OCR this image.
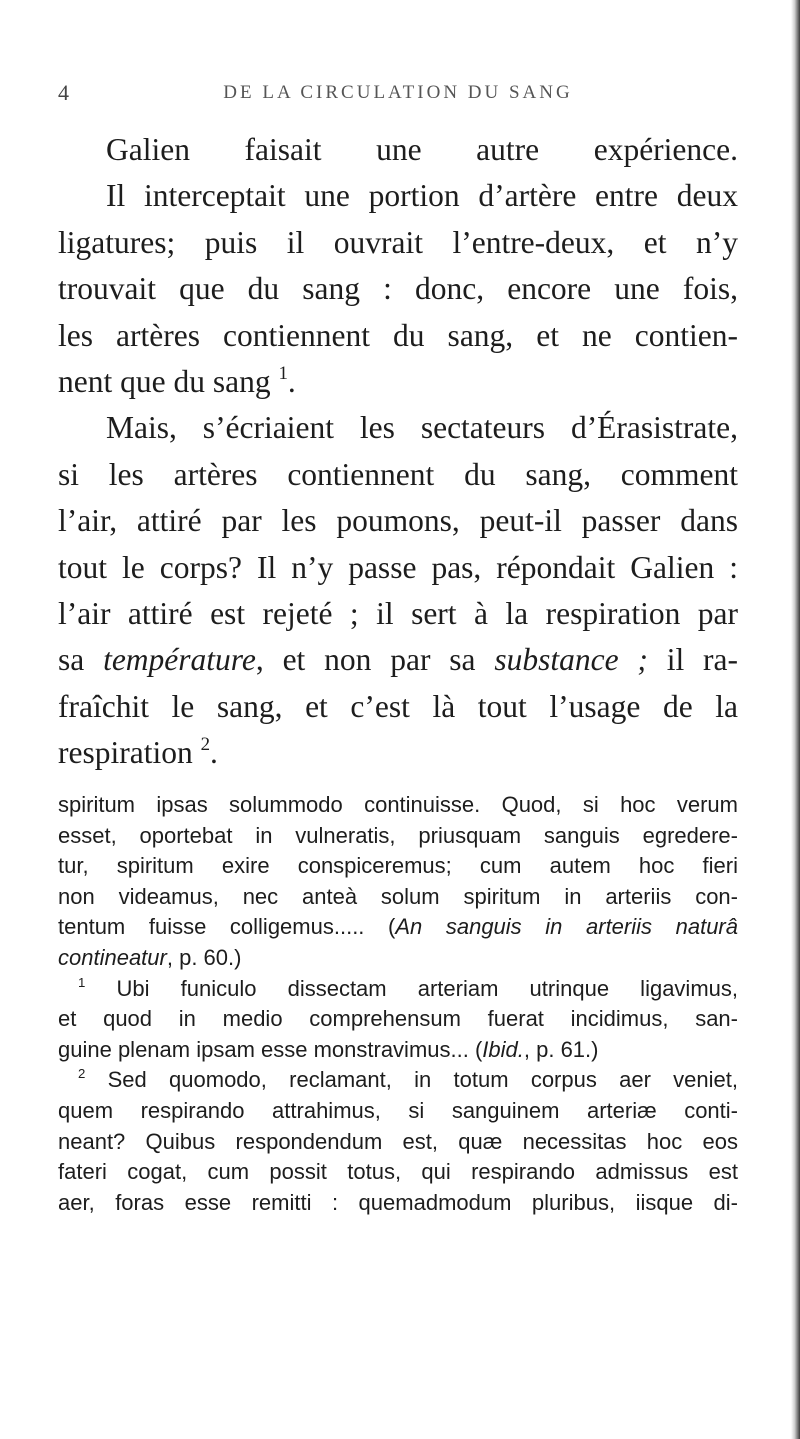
4	DE LA CIRCULATION DU SANG
Galien faisait une autre expérience.
Il interceptait une portion d’artère entre deux
ligatures; puis il ouvrait l’entre-deux, et n’y
trouvait que du sang : donc, encore une fois,
les artères contiennent du sang, et ne contien-
nent que du sang $^1$.
Mais, s’écriaient les sectateurs d’Érasistrate,
si les artères contiennent du sang, comment
l’air, attiré par les poumons, peut-il passer dans
tout le corps? Il n’y passe pas, répondait Galien :
l’air attiré est rejeté ; il sert à la respiration par
sa température, et non par sa substance ; il ra-
fraîchit le sang, et c’est là tout l’usage de la
respiration $^2$.
spiritum ipsas solummodo continuisse. Quod, si hoc verum
esset, oportebat in vulneratis, priusquam sanguis egredere-
tur, spiritum exire conspiceremus; cum autem hoc fieri
non videamus, nec anteà solum spiritum in arteriis con-
tentum fuisse colligemus..... (An sanguis in arteriis naturâ
contineatur, p. 60.)
$^1$ Ubi funiculo dissectam arteriam utrinque ligavimus,
et quod in medio comprehensum fuerat incidimus, san-
guine plenam ipsam esse monstravimus... (Ibid., p. 61.)
$^2$ Sed quomodo, reclamant, in totum corpus aer veniet,
quem respirando attrahimus, si sanguinem arteriæ conti-
neant? Quibus respondendum est, quæ necessitas hoc eos
fateri cogat, cum possit totus, qui respirando admissus est
aer, foras esse remitti : quemadmodum pluribus, iisque di-
